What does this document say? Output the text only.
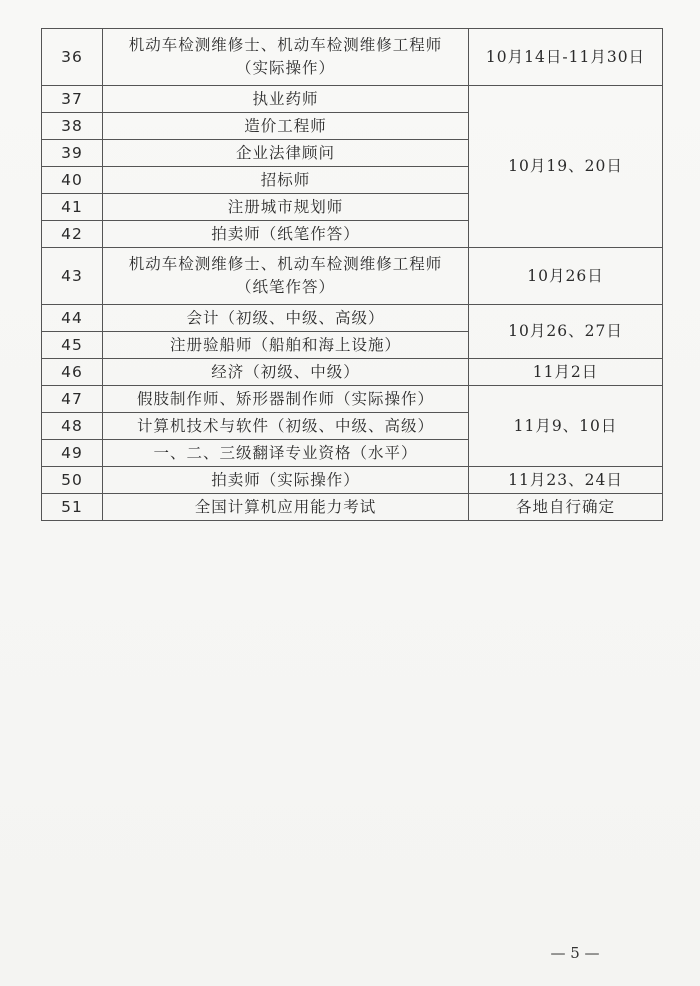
36	机动车检测维修士、机动车检测维修工程师
（实际操作）	10月14日-11月30日
37	执业药师	10月19、20日
38	造价工程师	
39	企业法律顾问	
40	招标师	
41	注册城市规划师	
42	拍卖师（纸笔作答）	
43	机动车检测维修士、机动车检测维修工程师
（纸笔作答）	10月26日
44	会计（初级、中级、高级）	10月26、27日
45	注册验船师（船舶和海上设施）	
46	经济（初级、中级）	11月2日
47	假肢制作师、矫形器制作师（实际操作）	11月9、10日
48	计算机技术与软件（初级、中级、高级）	
49	一、二、三级翻译专业资格（水平）	
50	拍卖师（实际操作）	11月23、24日
51	全国计算机应用能力考试	各地自行确定
— 5 —
